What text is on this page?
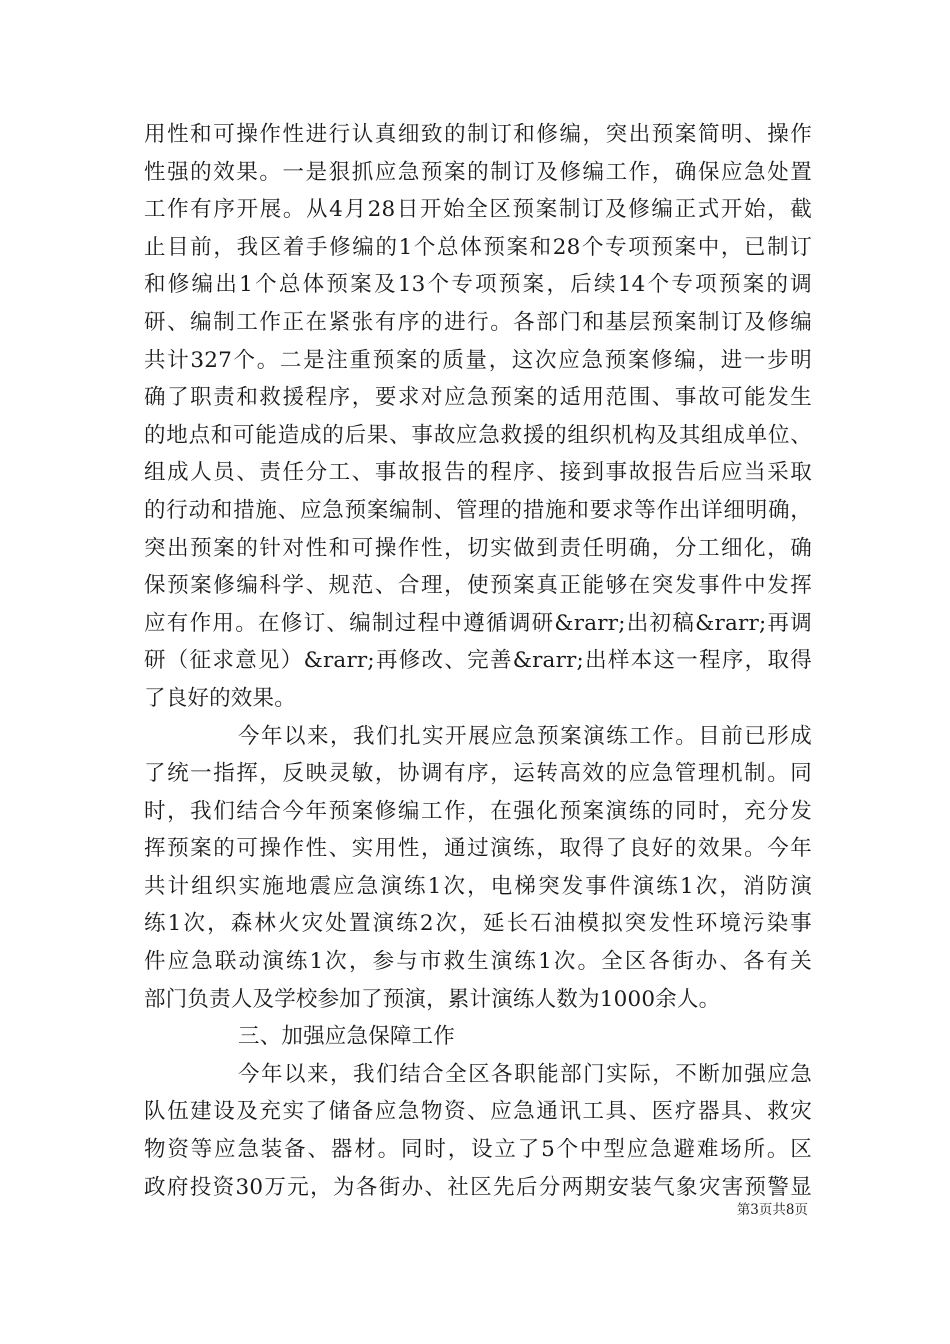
用性和可操作性进行认真细致的制订和修编，突出预案简明、操作
性强的效果。一是狠抓应急预案的制订及修编工作，确保应急处置
工作有序开展。从4月28日开始全区预案制订及修编正式开始，截
止目前，我区着手修编的1个总体预案和28个专项预案中，已制订
和修编出1个总体预案及13个专项预案，后续14个专项预案的调
研、编制工作正在紧张有序的进行。各部门和基层预案制订及修编
共计327个。二是注重预案的质量，这次应急预案修编，进一步明
确了职责和救援程序，要求对应急预案的适用范围、事故可能发生
的地点和可能造成的后果、事故应急救援的组织机构及其组成单位、
组成人员、责任分工、事故报告的程序、接到事故报告后应当采取
的行动和措施、应急预案编制、管理的措施和要求等作出详细明确，
突出预案的针对性和可操作性，切实做到责任明确，分工细化，确
保预案修编科学、规范、合理，使预案真正能够在突发事件中发挥
应有作用。在修订、编制过程中遵循调研&rarr;出初稿&rarr;再调
研（征求意见）&rarr;再修改、完善&rarr;出样本这一程序，取得
了良好的效果。
今年以来，我们扎实开展应急预案演练工作。目前已形成
了统一指挥，反映灵敏，协调有序，运转高效的应急管理机制。同
时，我们结合今年预案修编工作，在强化预案演练的同时，充分发
挥预案的可操作性、实用性，通过演练，取得了良好的效果。今年
共计组织实施地震应急演练1次，电梯突发事件演练1次，消防演
练1次，森林火灾处置演练2次，延长石油模拟突发性环境污染事
件应急联动演练1次，参与市救生演练1次。全区各街办、各有关
部门负责人及学校参加了预演，累计演练人数为1000余人。
三、加强应急保障工作
今年以来，我们结合全区各职能部门实际，不断加强应急
队伍建设及充实了储备应急物资、应急通讯工具、医疗器具、救灾
物资等应急装备、器材。同时，设立了5个中型应急避难场所。区
政府投资30万元，为各街办、社区先后分两期安装气象灾害预警显
第3页共8页
